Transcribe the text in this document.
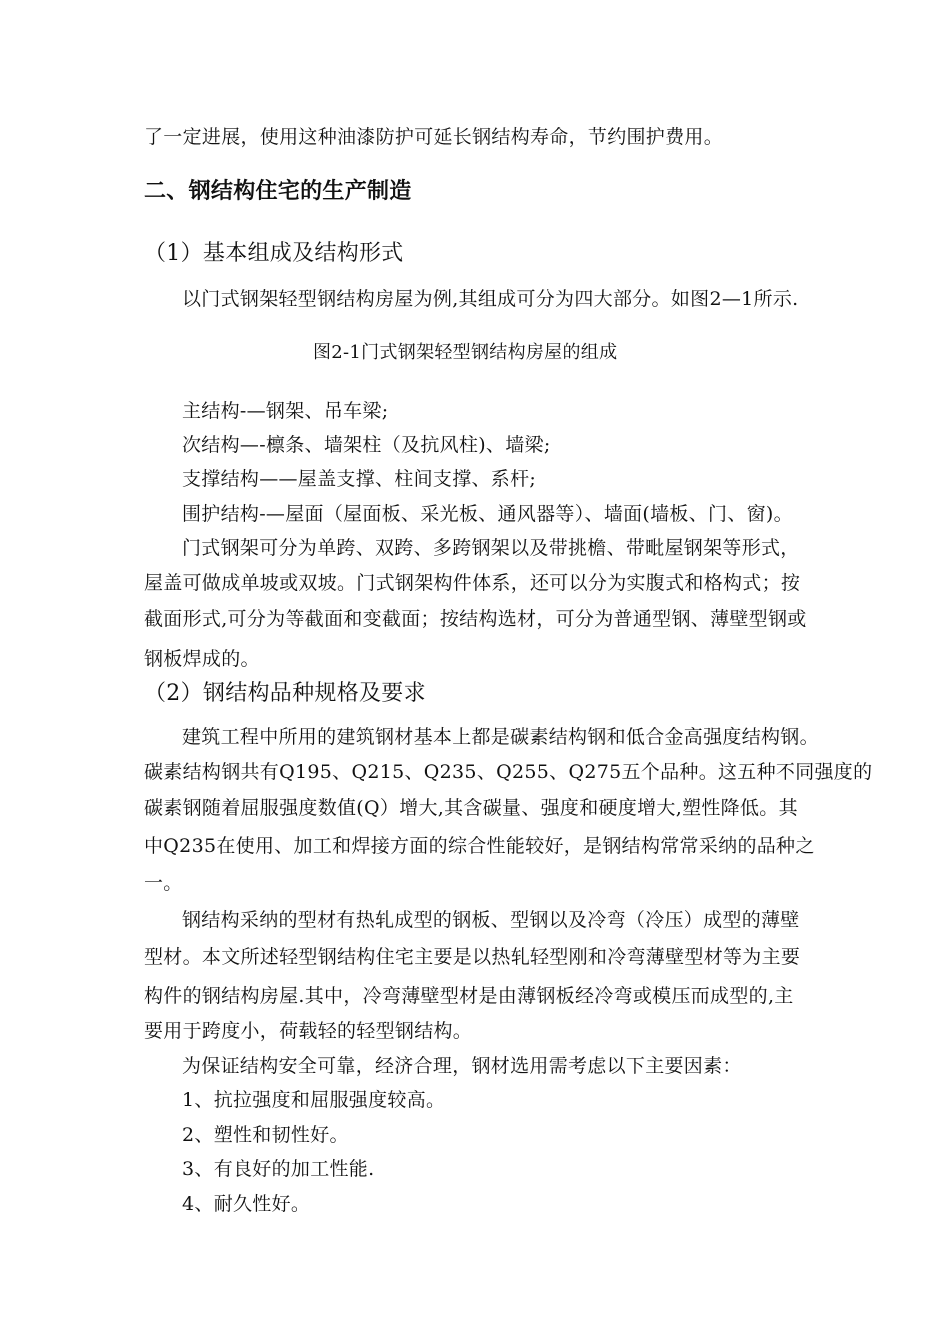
了一定进展，使用这种油漆防护可延长钢结构寿命，节约围护费用。
二、钢结构住宅的生产制造
（1）基本组成及结构形式
以门式钢架轻型钢结构房屋为例,其组成可分为四大部分。如图2—1所示.
图2-1门式钢架轻型钢结构房屋的组成
主结构-—钢架、吊车梁;
次结构—-檩条、墙架柱（及抗风柱)、墙梁;
支撑结构——屋盖支撑、柱间支撑、系杆;
围护结构-—屋面（屋面板、采光板、通风器等）、墙面(墙板、门、窗)。
门式钢架可分为单跨、双跨、多跨钢架以及带挑檐、带毗屋钢架等形式，
屋盖可做成单坡或双坡。门式钢架构件体系，还可以分为实腹式和格构式；按
截面形式,可分为等截面和变截面；按结构选材，可分为普通型钢、薄壁型钢或
钢板焊成的。
（2）钢结构品种规格及要求
建筑工程中所用的建筑钢材基本上都是碳素结构钢和低合金高强度结构钢。
碳素结构钢共有Q195、Q215、Q235、Q255、Q275五个品种。这五种不同强度的
碳素钢随着屈服强度数值(Q）增大,其含碳量、强度和硬度增大,塑性降低。其
中Q235在使用、加工和焊接方面的综合性能较好，是钢结构常常采纳的品种之
一。
钢结构采纳的型材有热轧成型的钢板、型钢以及冷弯（冷压）成型的薄壁
型材。本文所述轻型钢结构住宅主要是以热轧轻型刚和冷弯薄壁型材等为主要
构件的钢结构房屋.其中，冷弯薄壁型材是由薄钢板经冷弯或模压而成型的,主
要用于跨度小，荷载轻的轻型钢结构。
为保证结构安全可靠，经济合理，钢材选用需考虑以下主要因素：
1、抗拉强度和屈服强度较高。
2、塑性和韧性好。
3、有良好的加工性能.
4、耐久性好。
